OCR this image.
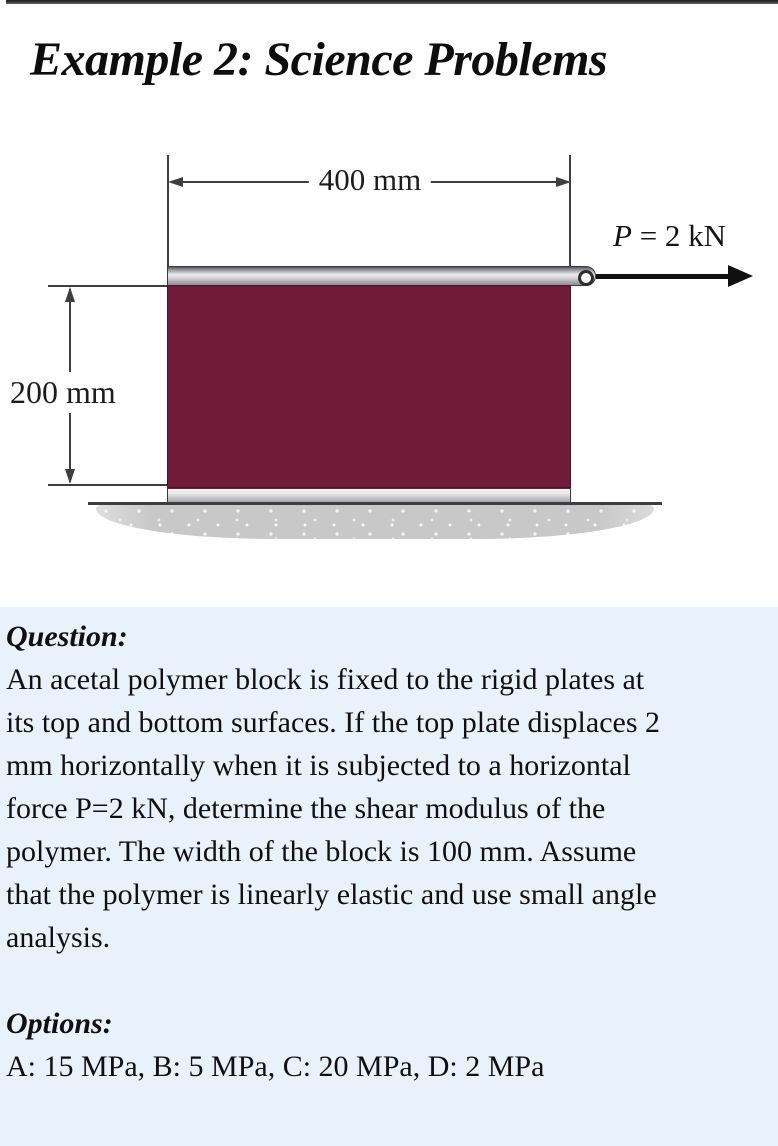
Example 2: Science Problems
400 mm
P = 2 kN
200 mm
Question:
An acetal polymer block is fixed to the rigid plates at
its top and bottom surfaces. If the top plate displaces 2
mm horizontally when it is subjected to a horizontal
force P=2 kN, determine the shear modulus of the
polymer. The width of the block is 100 mm. Assume
that the polymer is linearly elastic and use small angle
analysis.
Options:
A: 15 MPa, B: 5 MPa, C: 20 MPa, D: 2 MPa
